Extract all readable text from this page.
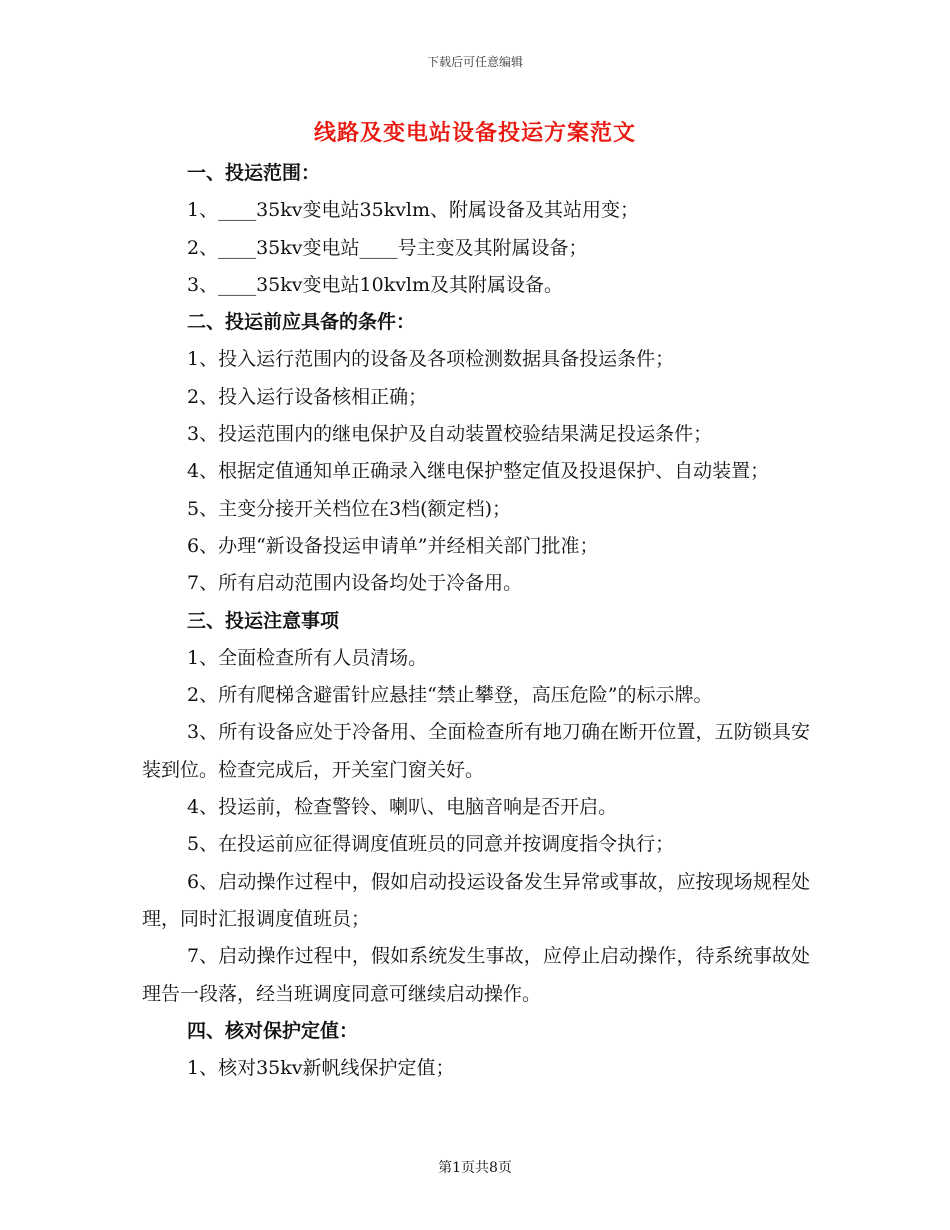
下载后可任意编辑
线路及变电站设备投运方案范文
一、投运范围：
1、____35kv变电站35kvlm、附属设备及其站用变；
2、____35kv变电站____号主变及其附属设备；
3、____35kv变电站10kvlm及其附属设备。
二、投运前应具备的条件：
1、投入运行范围内的设备及各项检测数据具备投运条件；
2、投入运行设备核相正确；
3、投运范围内的继电保护及自动装置校验结果满足投运条件；
4、根据定值通知单正确录入继电保护整定值及投退保护、自动装置；
5、主变分接开关档位在3档(额定档)；
6、办理“新设备投运申请单”并经相关部门批准；
7、所有启动范围内设备均处于冷备用。
三、投运注意事项
1、全面检查所有人员清场。
2、所有爬梯含避雷针应悬挂“禁止攀登，高压危险”的标示牌。
3、所有设备应处于冷备用、全面检查所有地刀确在断开位置，五防锁具安装到位。检查完成后，开关室门窗关好。
4、投运前，检查警铃、喇叭、电脑音响是否开启。
5、在投运前应征得调度值班员的同意并按调度指令执行；
6、启动操作过程中，假如启动投运设备发生异常或事故，应按现场规程处理，同时汇报调度值班员；
7、启动操作过程中，假如系统发生事故，应停止启动操作，待系统事故处理告一段落，经当班调度同意可继续启动操作。
四、核对保护定值：
1、核对35kv新帆线保护定值；
第1页共8页
